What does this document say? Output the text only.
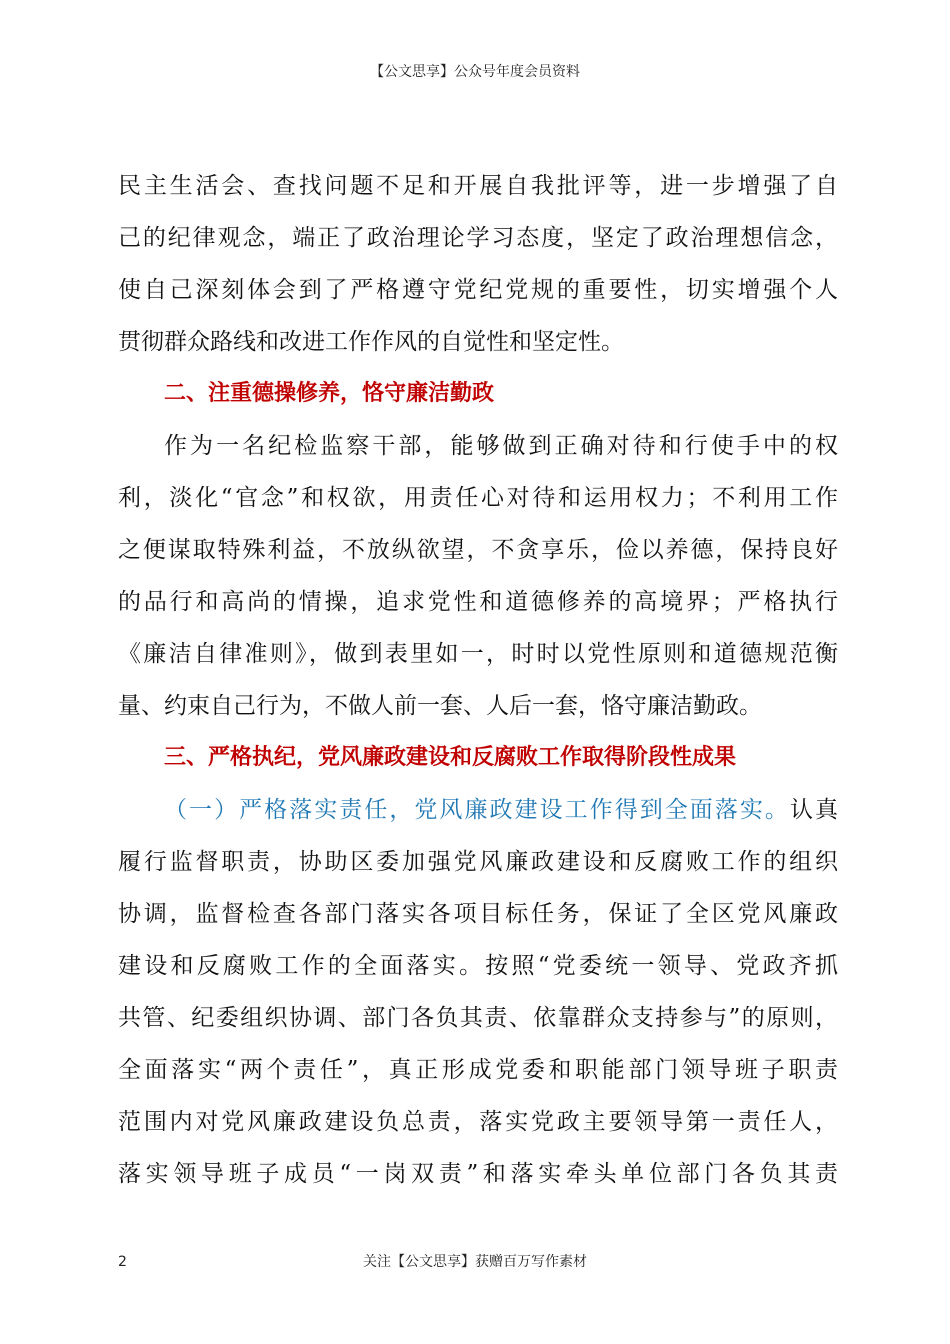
【公文思享】公众号年度会员资料
民主生活会、查找问题不足和开展自我批评等，进一步增强了自
己的纪律观念，端正了政治理论学习态度，坚定了政治理想信念，
使自己深刻体会到了严格遵守党纪党规的重要性，切实增强个人
贯彻群众路线和改进工作作风的自觉性和坚定性。
二、注重德操修养，恪守廉洁勤政
作为一名纪检监察干部，能够做到正确对待和行使手中的权
利，淡化“官念”和权欲，用责任心对待和运用权力；不利用工作
之便谋取特殊利益，不放纵欲望，不贪享乐，俭以养德，保持良好
的品行和高尚的情操，追求党性和道德修养的高境界；严格执行
《廉洁自律准则》，做到表里如一，时时以党性原则和道德规范衡
量、约束自己行为，不做人前一套、人后一套，恪守廉洁勤政。
三、严格执纪，党风廉政建设和反腐败工作取得阶段性成果
（一）严格落实责任，党风廉政建设工作得到全面落实。认真
履行监督职责，协助区委加强党风廉政建设和反腐败工作的组织
协调，监督检查各部门落实各项目标任务，保证了全区党风廉政
建设和反腐败工作的全面落实。按照“党委统一领导、党政齐抓
共管、纪委组织协调、部门各负其责、依靠群众支持参与”的原则，
全面落实“两个责任”，真正形成党委和职能部门领导班子职责
范围内对党风廉政建设负总责，落实党政主要领导第一责任人，
落实领导班子成员“一岗双责”和落实牵头单位部门各负其责
2	关注【公文思享】获赠百万写作素材
